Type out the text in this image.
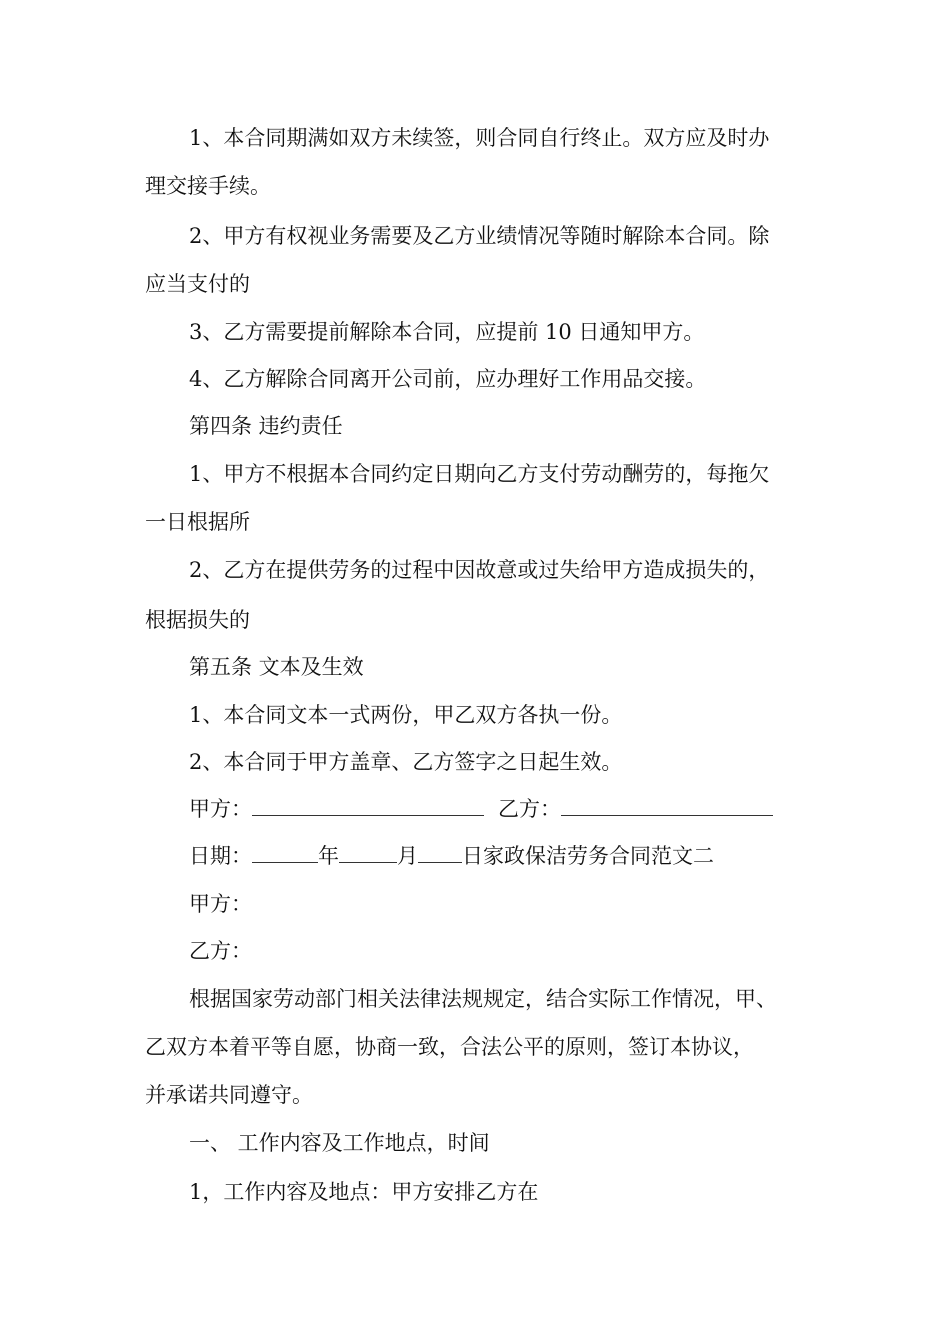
1、本合同期满如双方未续签，则合同自行终止。双方应及时办
理交接手续。
2、甲方有权视业务需要及乙方业绩情况等随时解除本合同。除
应当支付的
3、乙方需要提前解除本合同，应提前 10 日通知甲方。
4、乙方解除合同离开公司前，应办理好工作用品交接。
第四条 违约责任
1、甲方不根据本合同约定日期向乙方支付劳动酬劳的，每拖欠
一日根据所
2、乙方在提供劳务的过程中因故意或过失给甲方造成损失的，
根据损失的
第五条 文本及生效
1、本合同文本一式两份，甲乙双方各执一份。
2、本合同于甲方盖章、乙方签字之日起生效。
甲方：	乙方：
日期：	年	月 日家政保洁劳务合同范文二
甲方：
乙方：
根据国家劳动部门相关法律法规规定，结合实际工作情况，甲、
乙双方本着平等自愿，协商一致，合法公平的原则，签订本协议，
并承诺共同遵守。
一、 工作内容及工作地点，时间
1，工作内容及地点：甲方安排乙方在
